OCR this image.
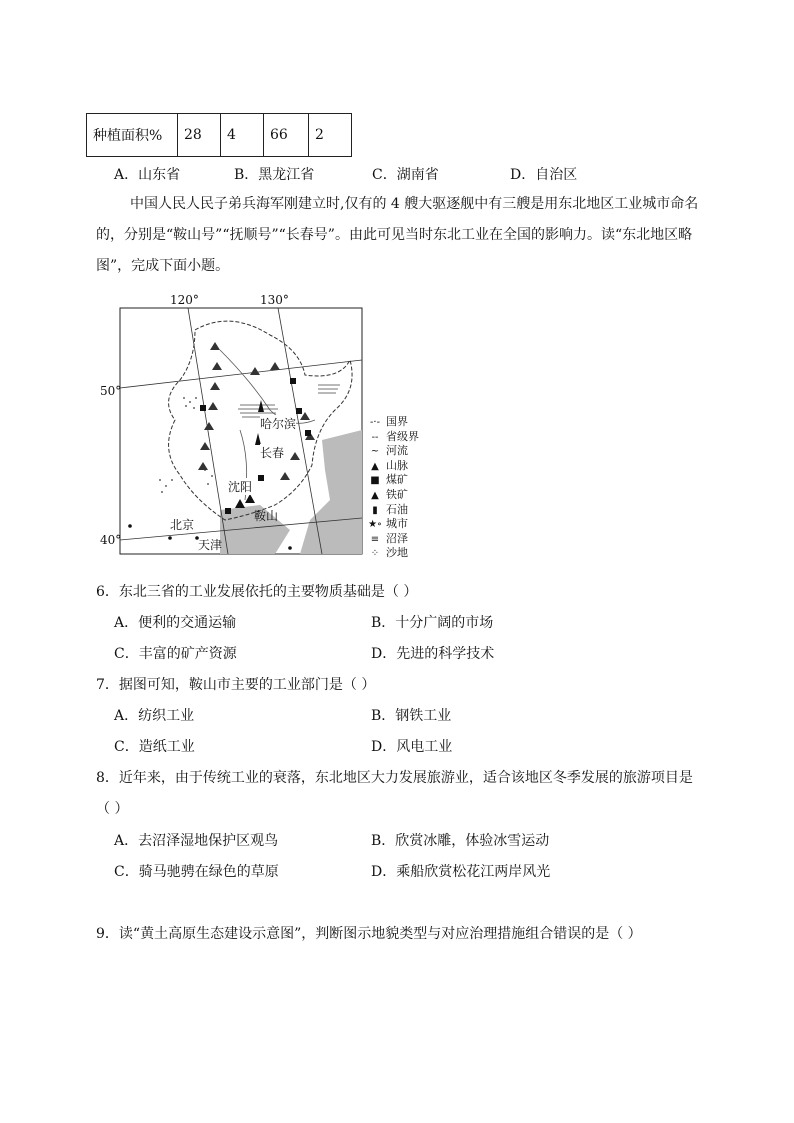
种植面积%	28	4	66	2
A．山东省	B．黑龙江省	C．湖南省	D．自治区
中国人民人民子弟兵海军刚建立时,仅有的 4 艘大驱逐舰中有三艘是用东北地区工业城市命名的，分别是“鞍山号”“抚顺号”“长春号”。由此可见当时东北工业在全国的影响力。读“东北地区略图”，完成下面小题。
120°	130°
50°
40°
哈尔滨
长春
沈阳
鞍山
北京
天津
-·- 国界
-- 省级界
~ 河流
▲ 山脉
■ 煤矿
▲ 铁矿
▮ 石油
★∘ 城市
≡ 沼泽
⁘ 沙地
6．东北三省的工业发展依托的主要物质基础是（ ）
A．便利的交通运输	B．十分广阔的市场
C．丰富的矿产资源	D．先进的科学技术
7．据图可知，鞍山市主要的工业部门是（ ）
A．纺织工业	B．钢铁工业
C．造纸工业	D．风电工业
8．近年来，由于传统工业的衰落，东北地区大力发展旅游业，适合该地区冬季发展的旅游项目是
（ ）
A．去沼泽湿地保护区观鸟	B．欣赏冰雕，体验冰雪运动
C．骑马驰骋在绿色的草原	D．乘船欣赏松花江两岸风光
9．读“黄土高原生态建设示意图”，判断图示地貌类型与对应治理措施组合错误的是（ ）
